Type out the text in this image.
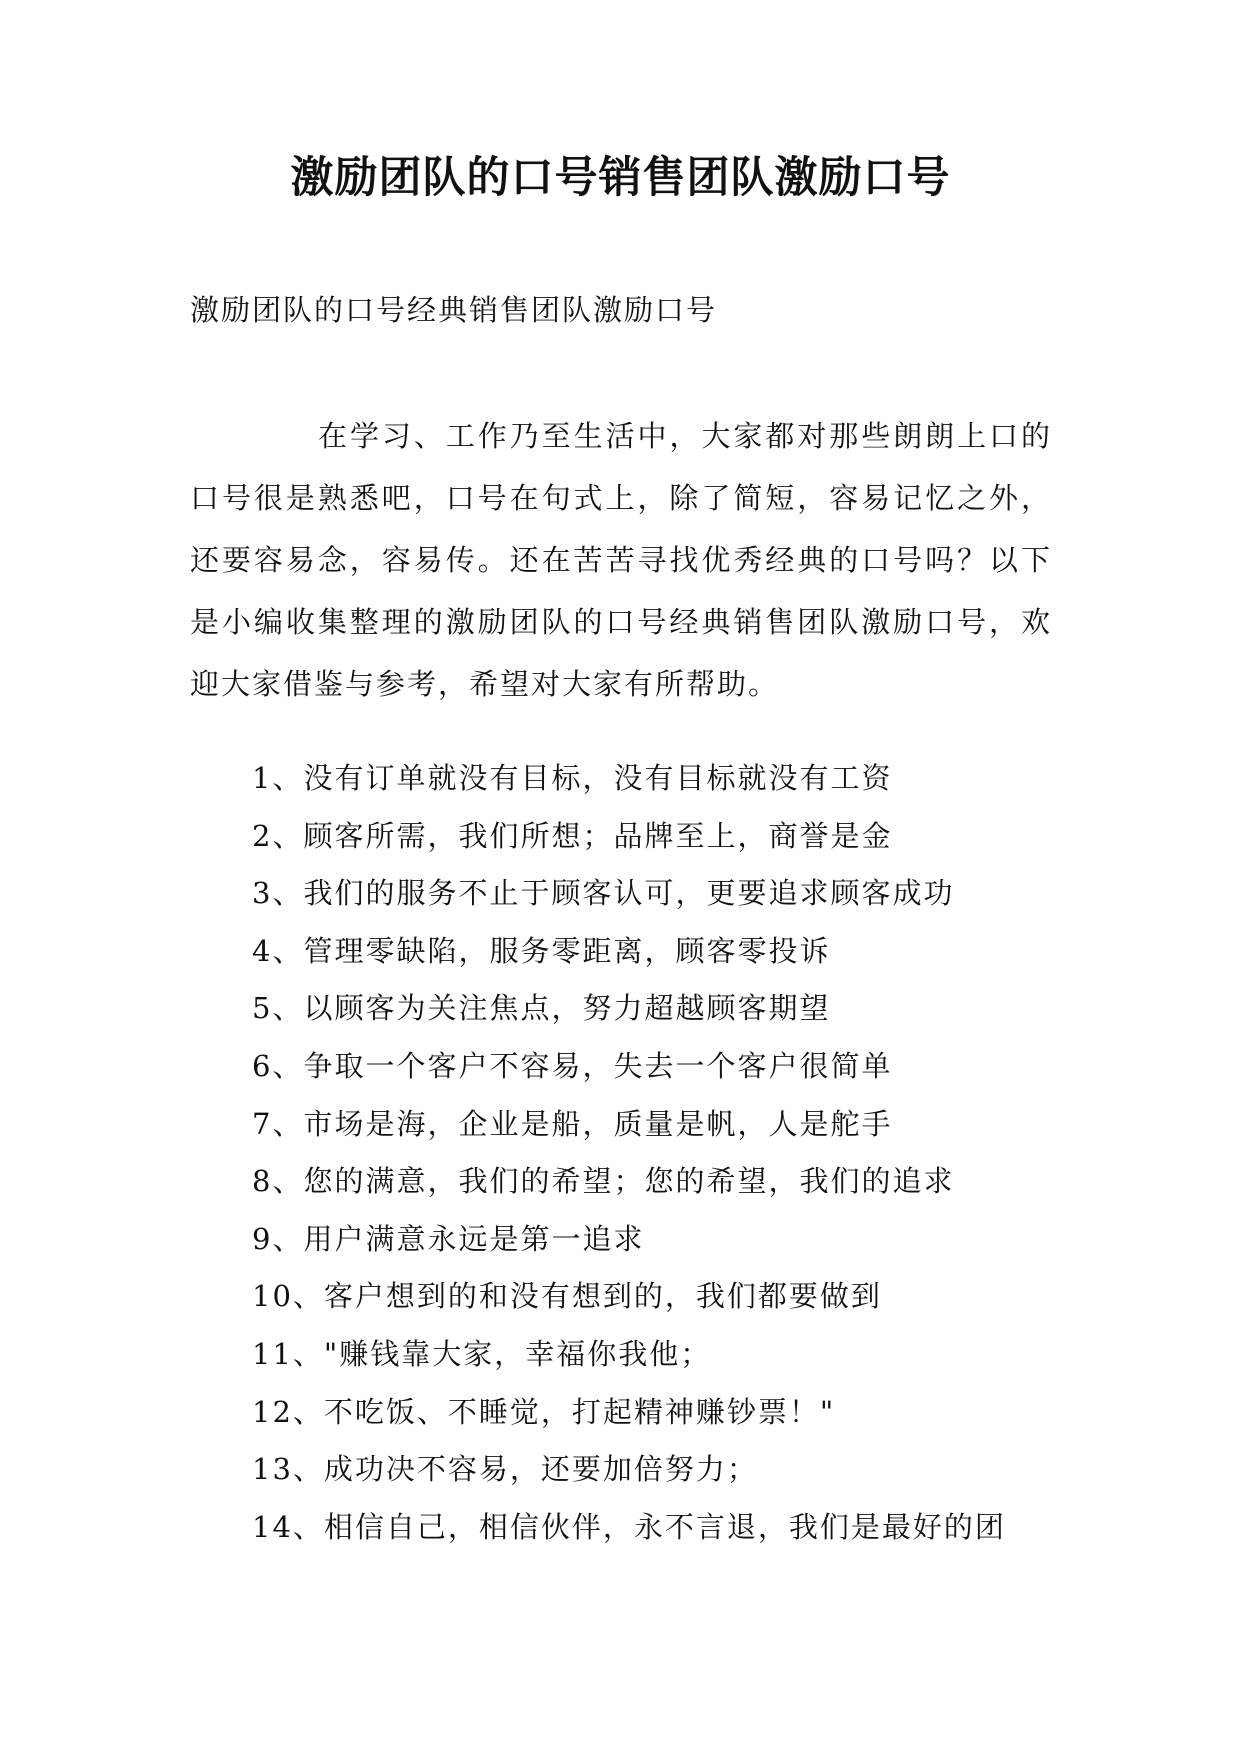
激励团队的口号销售团队激励口号

激励团队的口号经典销售团队激励口号

在学习、工作乃至生活中，大家都对那些朗朗上口的口号很是熟悉吧，口号在句式上，除了简短，容易记忆之外，还要容易念，容易传。还在苦苦寻找优秀经典的口号吗？以下是小编收集整理的激励团队的口号经典销售团队激励口号，欢迎大家借鉴与参考，希望对大家有所帮助。

1、没有订单就没有目标，没有目标就没有工资
2、顾客所需，我们所想；品牌至上，商誉是金
3、我们的服务不止于顾客认可，更要追求顾客成功
4、管理零缺陷，服务零距离，顾客零投诉
5、以顾客为关注焦点，努力超越顾客期望
6、争取一个客户不容易，失去一个客户很简单
7、市场是海，企业是船，质量是帆，人是舵手
8、您的满意，我们的希望；您的希望，我们的追求
9、用户满意永远是第一追求
10、客户想到的和没有想到的，我们都要做到
11、"赚钱靠大家，幸福你我他；
12、不吃饭、不睡觉，打起精神赚钞票！"
13、成功决不容易，还要加倍努力；
14、相信自己，相信伙伴，永不言退，我们是最好的团
